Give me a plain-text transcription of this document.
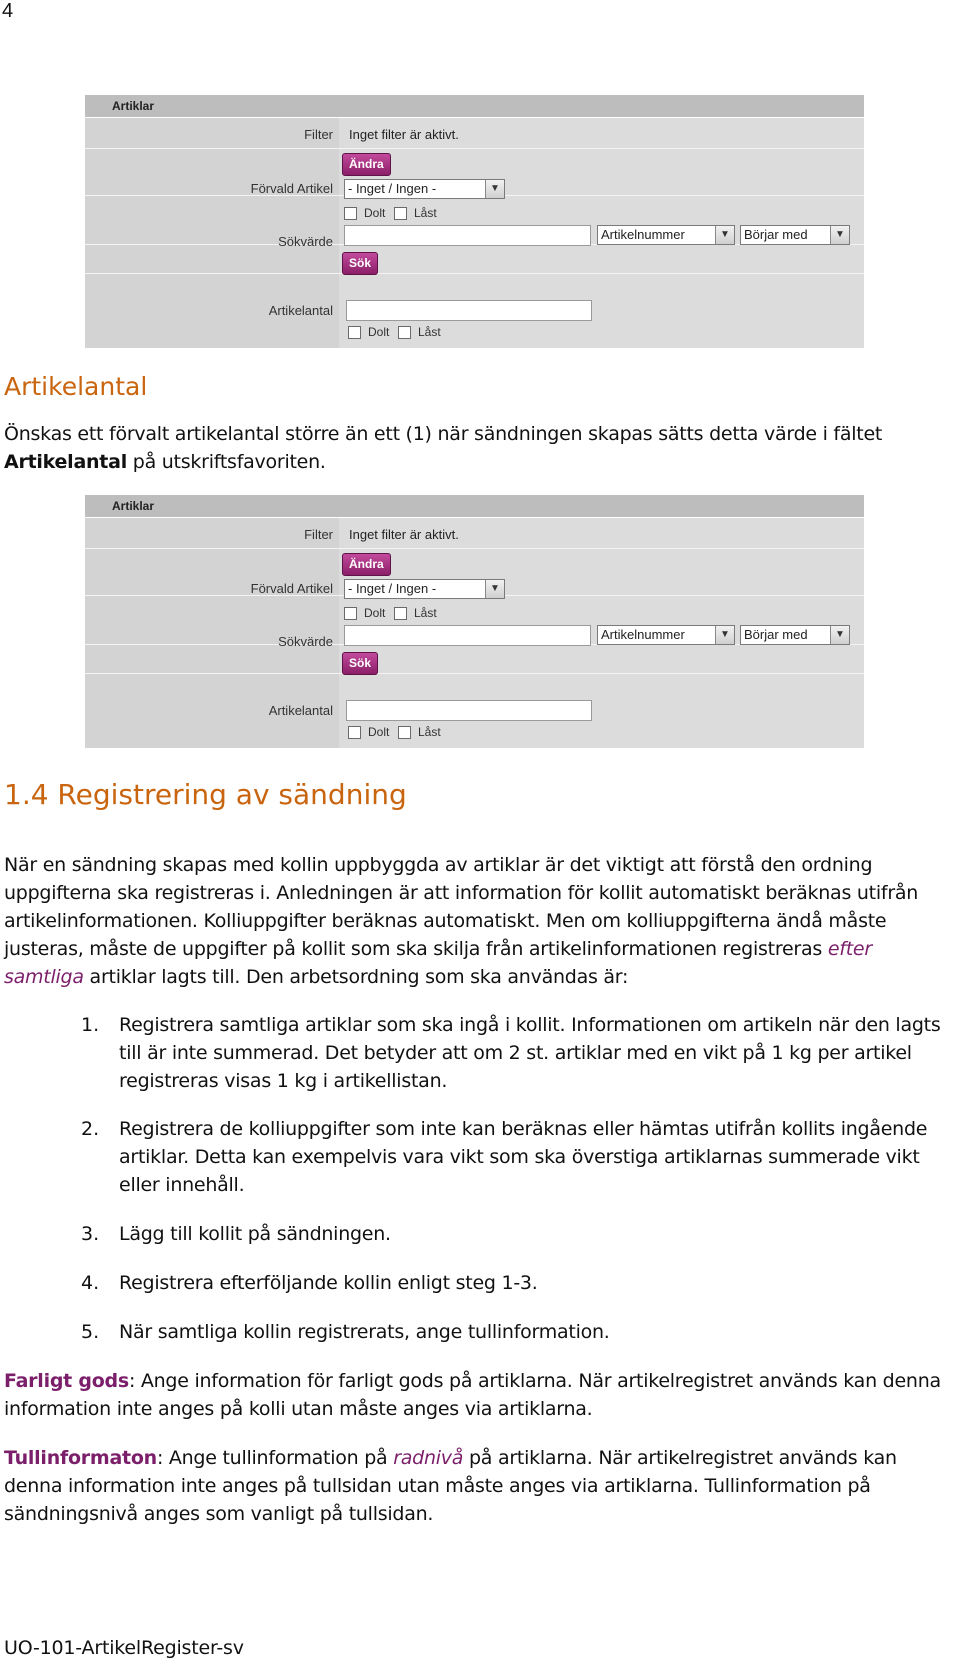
4
Artiklar
Filter Inget filter är aktivt.
Ändra
Förvald Artikel	- Inget / Ingen -	▼
Dolt Låst
Sökvärde	Artikelnummer	▼	Börjar med	▼
Sök
Artikelantal
Dolt Låst
Artikelantal
Önskas ett förvalt artikelantal större än ett (1) när sändningen skapas sätts detta värde i fältet Artikelantal på utskriftsfavoriten.
Artiklar
Filter Inget filter är aktivt.
Ändra
Förvald Artikel	- Inget / Ingen -	▼
Dolt Låst
Sökvärde	Artikelnummer	▼	Börjar med	▼
Sök
Artikelantal
Dolt Låst
1.4 Registrering av sändning
När en sändning skapas med kollin uppbyggda av artiklar är det viktigt att förstå den ordning uppgifterna ska registreras i. Anledningen är att information för kollit automatiskt beräknas utifrån artikelinformationen. Kolliuppgifter beräknas automatiskt. Men om kolliuppgifterna ändå måste justeras, måste de uppgifter på kollit som ska skilja från artikelinformationen registreras efter samtliga artiklar lagts till. Den arbetsordning som ska användas är:
1. Registrera samtliga artiklar som ska ingå i kollit. Informationen om artikeln när den lagts till är inte summerad. Det betyder att om 2 st. artiklar med en vikt på 1 kg per artikel registreras visas 1 kg i artikellistan.
2. Registrera de kolliuppgifter som inte kan beräknas eller hämtas utifrån kollits ingående artiklar. Detta kan exempelvis vara vikt som ska överstiga artiklarnas summerade vikt eller innehåll.
3. Lägg till kollit på sändningen.
4. Registrera efterföljande kollin enligt steg 1-3.
5. När samtliga kollin registrerats, ange tullinformation.
Farligt gods: Ange information för farligt gods på artiklarna. När artikelregistret används kan denna information inte anges på kolli utan måste anges via artiklarna.
Tullinformaton: Ange tullinformation på radnivå på artiklarna. När artikelregistret används kan denna information inte anges på tullsidan utan måste anges via artiklarna. Tullinformation på sändningsnivå anges som vanligt på tullsidan.
UO-101-ArtikelRegister-sv
